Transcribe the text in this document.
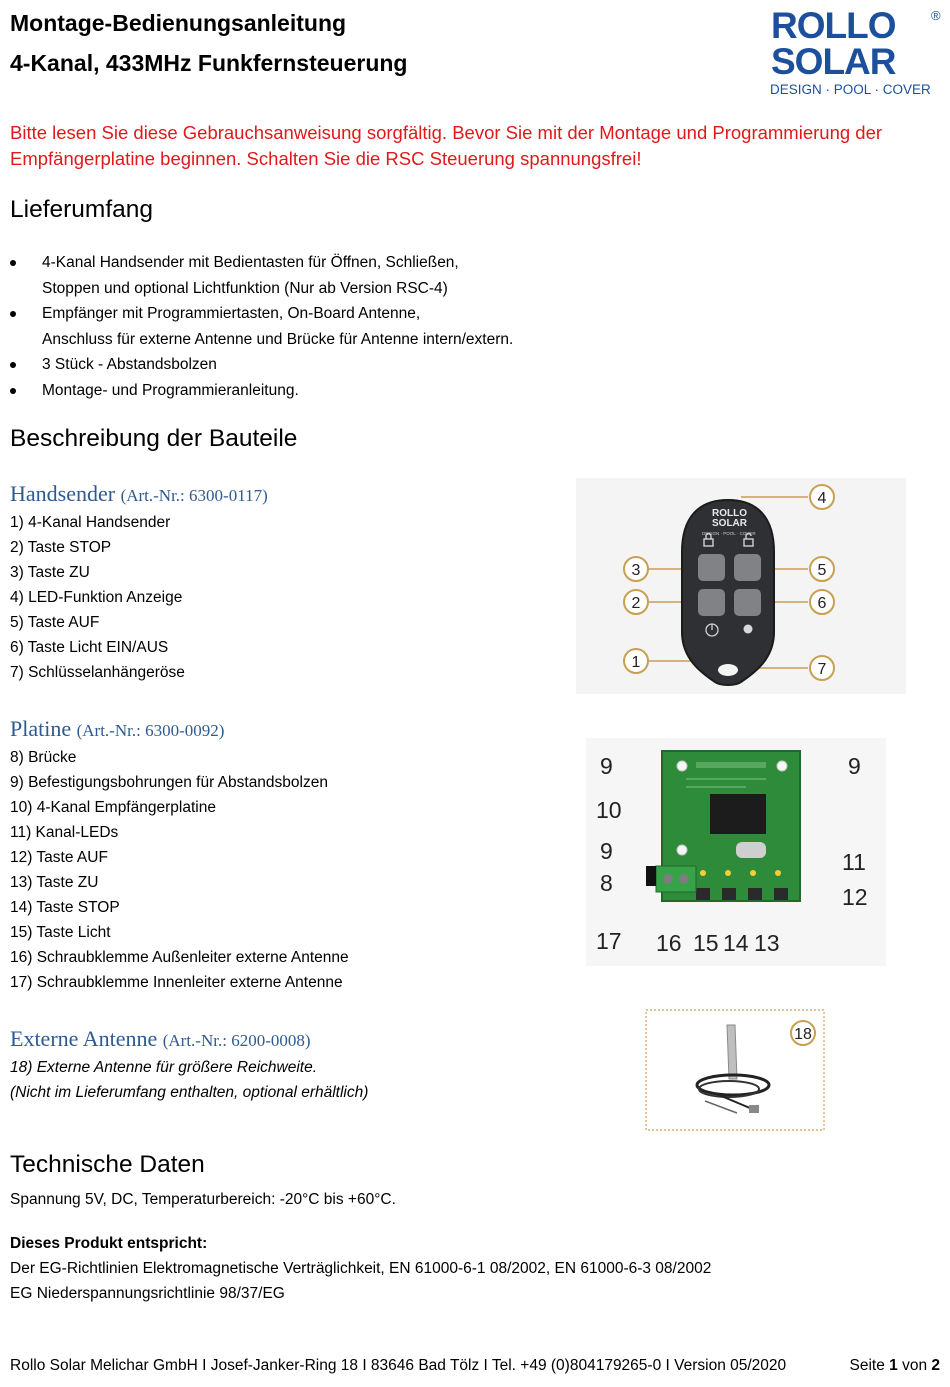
Montage-Bedienungsanleitung
4-Kanal, 433MHz Funkfernsteuerung
ROLLO	®
SOLAR
DESIGN · POOL · COVER
Bitte lesen Sie diese Gebrauchsanweisung sorgfältig. Bevor Sie mit der Montage und Programmierung der Empfängerplatine beginnen. Schalten Sie die RSC Steuerung spannungsfrei!
Lieferumfang
4-Kanal Handsender mit Bedientasten für Öffnen, Schließen,
Stoppen und optional Lichtfunktion (Nur ab Version RSC-4)
Empfänger mit Programmiertasten, On-Board Antenne,
Anschluss für externe Antenne und Brücke für Antenne intern/extern.
3 Stück - Abstandsbolzen
Montage- und Programmieranleitung.
Beschreibung der Bauteile
Handsender (Art.-Nr.: 6300-0117)
1) 4-Kanal Handsender
2) Taste STOP
3) Taste ZU
4) LED-Funktion Anzeige
5) Taste AUF
6) Taste Licht EIN/AUS
7) Schlüsselanhängeröse
ROLLO
SOLAR
DESIGN · POOL · COVER
4
3	5
2	6
1	7
Platine (Art.-Nr.: 6300-0092)
8) Brücke
9) Befestigungsbohrungen für Abstandsbolzen
10) 4-Kanal Empfängerplatine
11) Kanal-LEDs
12) Taste AUF
13) Taste ZU
14) Taste STOP
15) Taste Licht
16) Schraubklemme Außenleiter externe Antenne
17) Schraubklemme Innenleiter externe Antenne
9	9
10
9	11
8
12
17 16 15 14 13
Externe Antenne (Art.-Nr.: 6200-0008)
18) Externe Antenne für größere Reichweite.
(Nicht im Lieferumfang enthalten, optional erhältlich)
18
Technische Daten
Spannung 5V, DC, Temperaturbereich: -20°C bis +60°C.
Dieses Produkt entspricht:
Der EG-Richtlinien Elektromagnetische Verträglichkeit, EN 61000-6-1 08/2002, EN 61000-6-3 08/2002
EG Niederspannungsrichtlinie 98/37/EG
Rollo Solar Melichar GmbH I Josef-Janker-Ring 18 I 83646 Bad Tölz I Tel. +49 (0)804179265-0 I Version 05/2020	Seite 1 von 2
